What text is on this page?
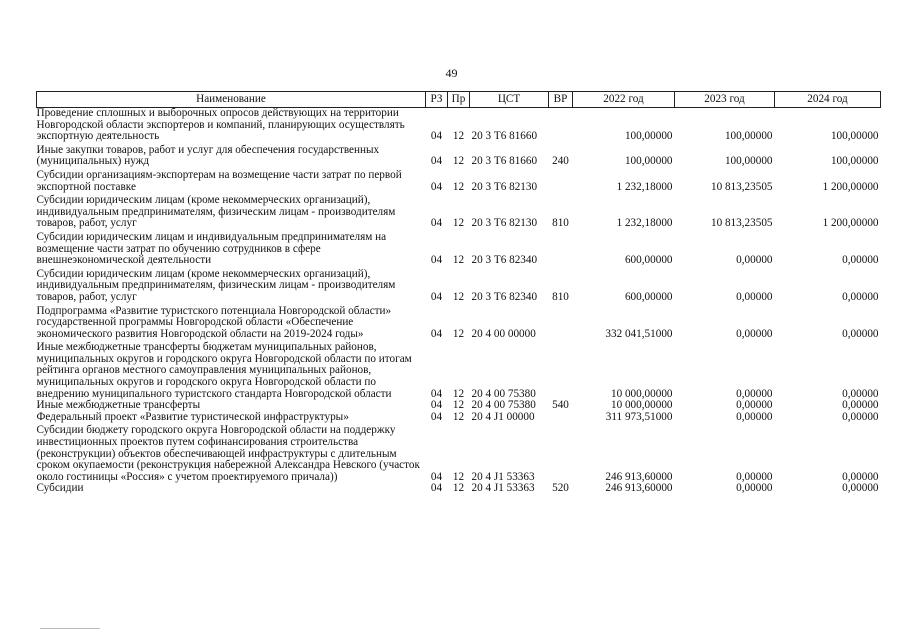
49
Наименование	РЗ	Пр	ЦСТ	ВР	2022 год	2023 год	2024 год
Проведение сплошных и выборочных опросов действующих на территории Новгородской области экспортеров и компаний, планирующих осуществлять экспортную деятельность	04	12	20 3 Т6 81660		100,00000	100,00000	100,00000
Иные закупки товаров, работ и услуг для обеспечения государственных (муниципальных) нужд	04	12	20 3 Т6 81660	240	100,00000	100,00000	100,00000
Субсидии организациям-экспортерам на возмещение части затрат по первой экспортной поставке	04	12	20 3 Т6 82130		1 232,18000	10 813,23505	1 200,00000
Субсидии юридическим лицам (кроме некоммерческих организаций), индивидуальным предпринимателям, физическим лицам - производителям товаров, работ, услуг	04	12	20 3 Т6 82130	810	1 232,18000	10 813,23505	1 200,00000
Субсидии юридическим лицам и индивидуальным предпринимателям на возмещение части затрат по обучению сотрудников в сфере внешнеэкономической деятельности	04	12	20 3 Т6 82340		600,00000	0,00000	0,00000
Субсидии юридическим лицам (кроме некоммерческих организаций), индивидуальным предпринимателям, физическим лицам - производителям товаров, работ, услуг	04	12	20 3 Т6 82340	810	600,00000	0,00000	0,00000
Подпрограмма «Развитие туристского потенциала Новгородской области» государственной программы Новгородской области «Обеспечение экономического развития Новгородской области на 2019-2024 годы»	04	12	20 4 00 00000		332 041,51000	0,00000	0,00000
Иные межбюджетные трансферты бюджетам муниципальных районов, муниципальных округов и городского округа Новгородской области по итогам рейтинга органов местного самоуправления муниципальных районов, муниципальных округов и городского округа Новгородской области по внедрению муниципального туристского стандарта Новгородской области	04	12	20 4 00 75380		10 000,00000	0,00000	0,00000
Иные межбюджетные трансферты	04	12	20 4 00 75380	540	10 000,00000	0,00000	0,00000
Федеральный проект «Развитие туристической инфраструктуры»	04	12	20 4 J1 00000		311 973,51000	0,00000	0,00000
Субсидии бюджету городского округа Новгородской области на поддержку инвестиционных проектов путем софинансирования строительства (реконструкции) объектов обеспечивающей инфраструктуры с длительным сроком окупаемости (реконструкция набережной Александра Невского (участок около гостиницы «Россия» с учетом проектируемого причала))	04	12	20 4 J1 53363		246 913,60000	0,00000	0,00000
Субсидии	04	12	20 4 J1 53363	520	246 913,60000	0,00000	0,00000
